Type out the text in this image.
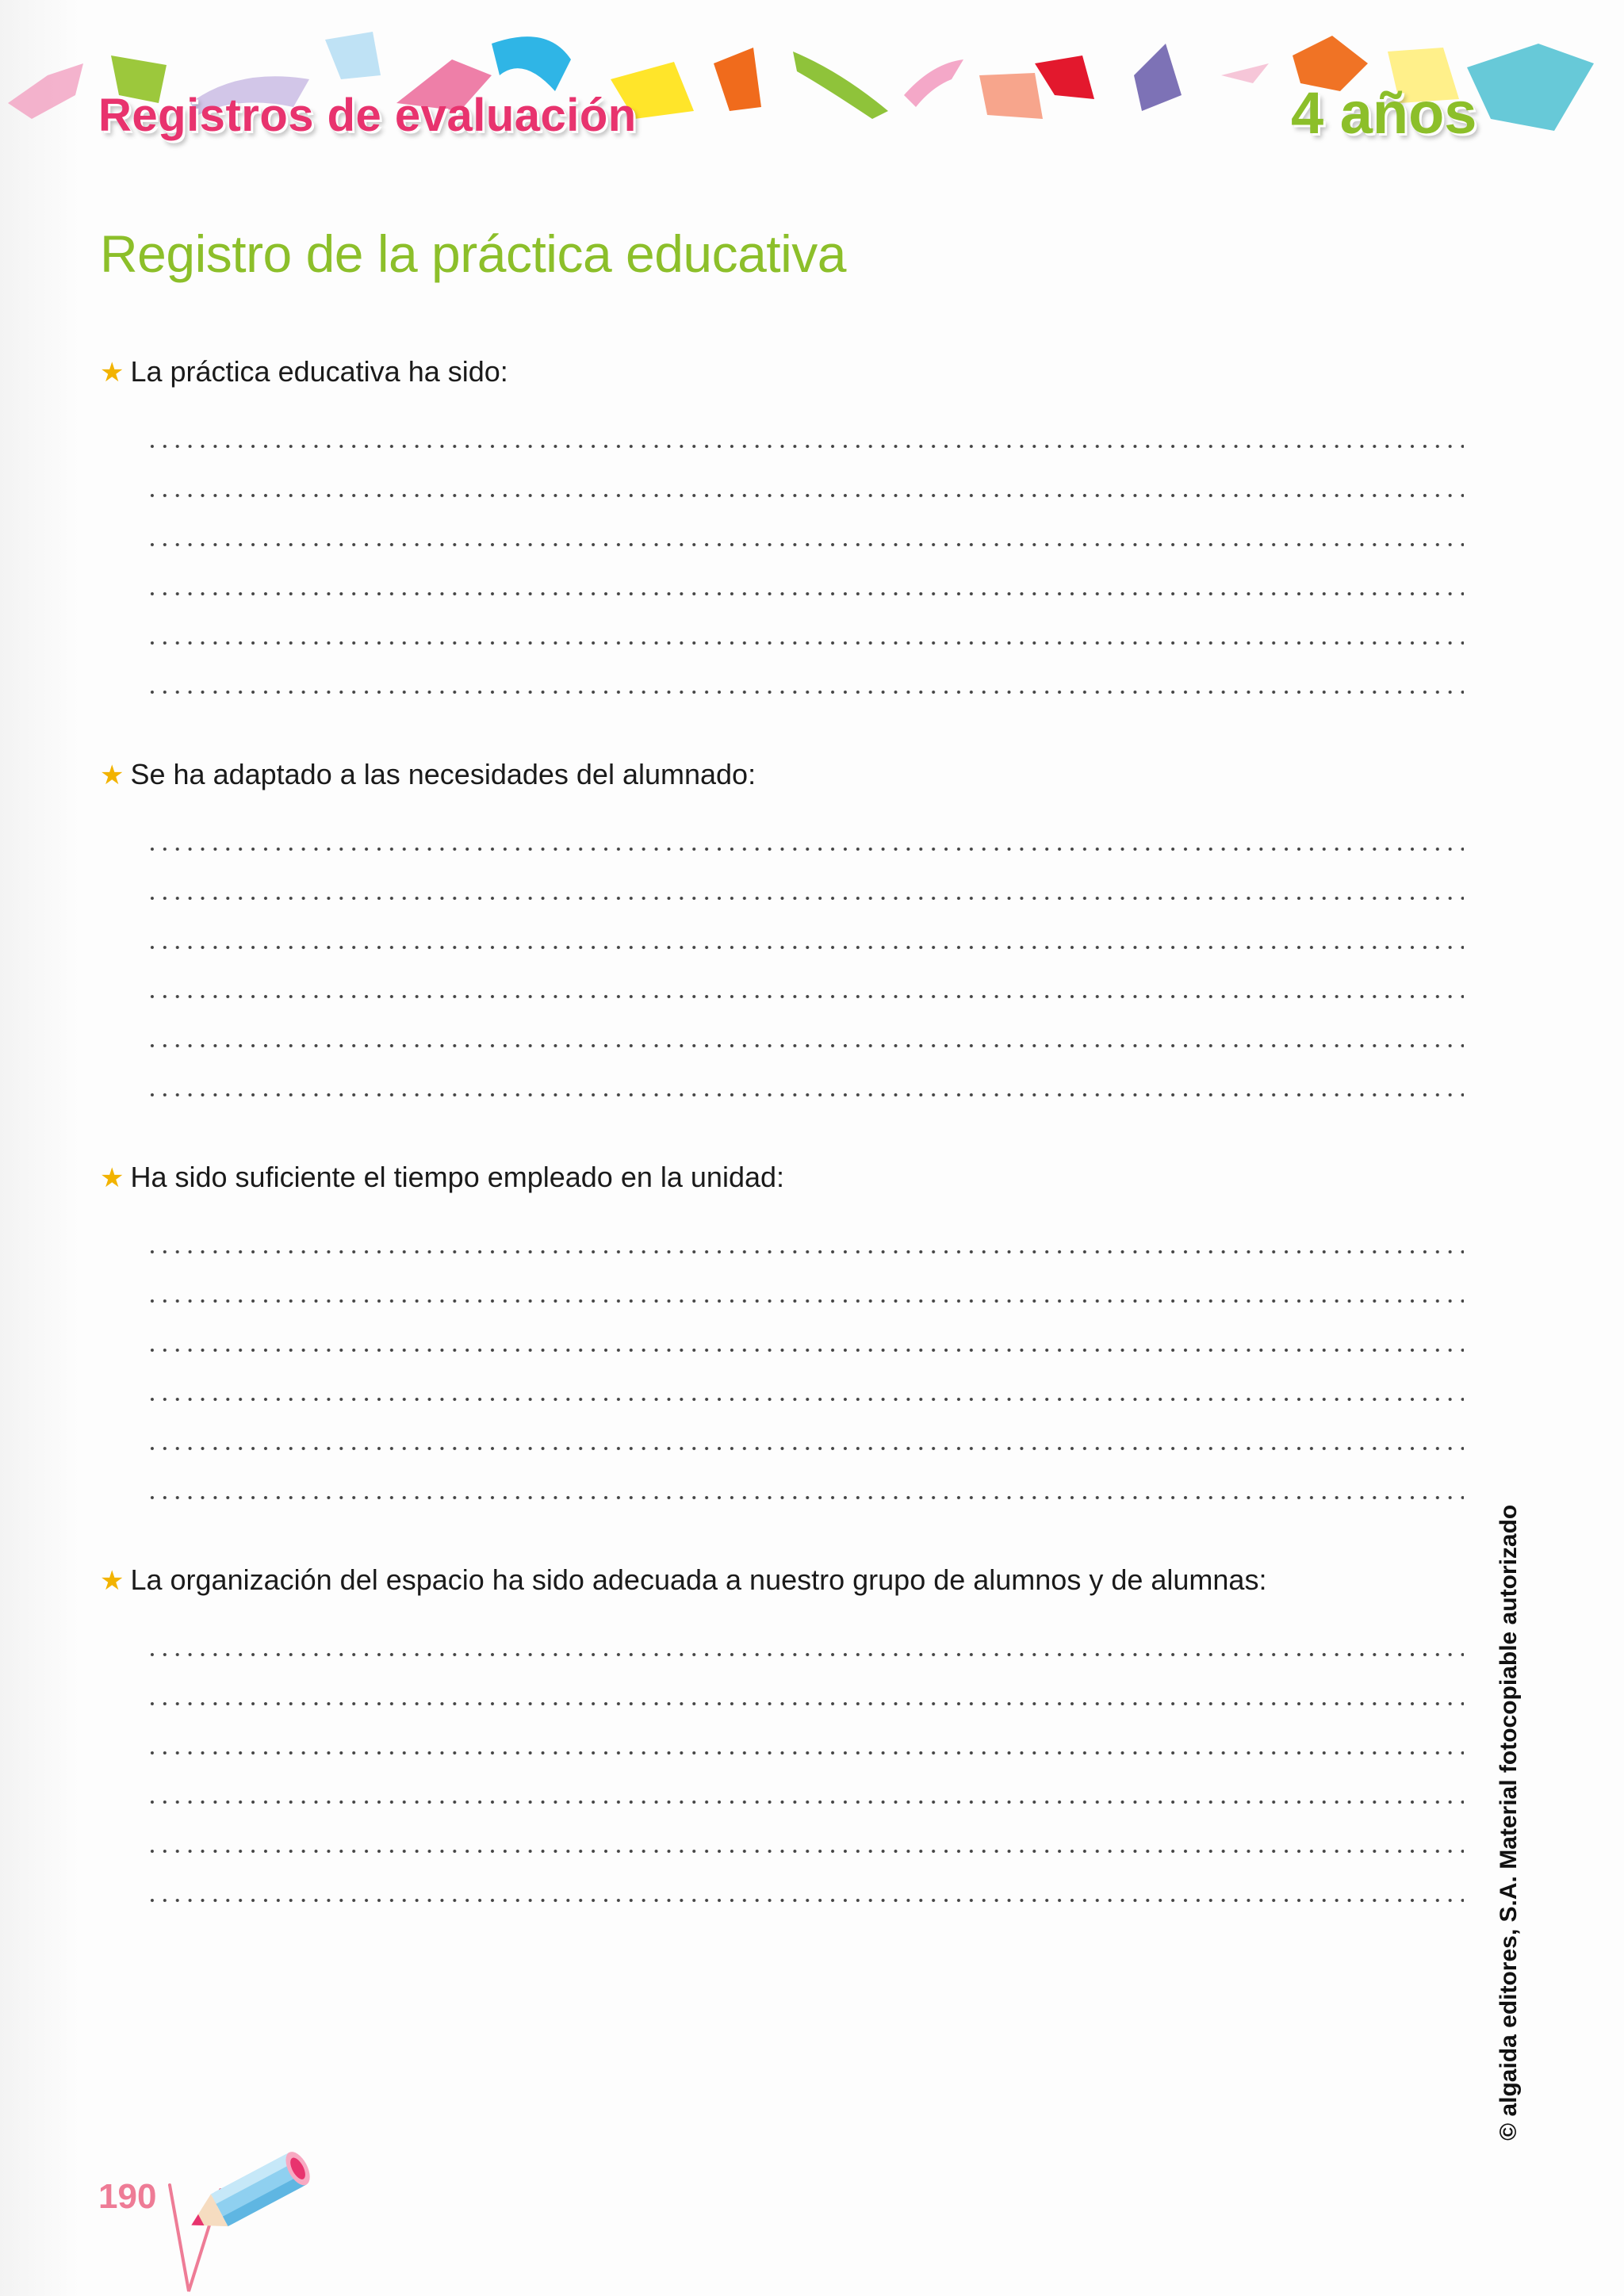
Registros de evaluación	4 años
Registro de la práctica educativa
★ La práctica educativa ha sido:
★ Se ha adaptado a las necesidades del alumnado:
★ Ha sido suficiente el tiempo empleado en la unidad:
★ La organización del espacio ha sido adecuada a nuestro grupo de alumnos y de alumnas:	© algaida editores, S.A. Material fotocopiable autorizado
190
